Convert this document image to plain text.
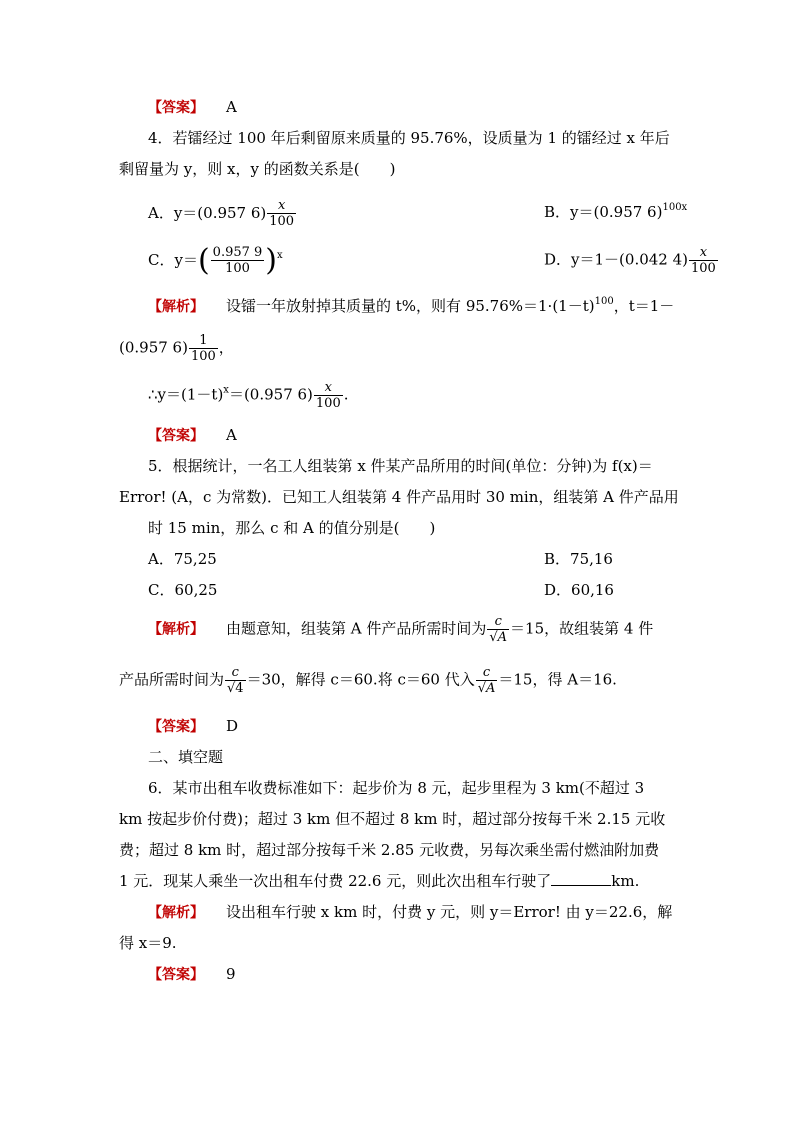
【答案】 A
4．若镭经过 100 年后剩留原来质量的 95.76%，设质量为 1 的镭经过 x 年后
剩留量为 y，则 x，y 的函数关系是(　　)
A．y＝(0.957 $6) \frac{x}{100}$	B．y＝(0.957 6)$^{100x}$
C．$y=( \frac{0.957 9}{100} )^x$	D．y＝1－(0.042 $4) \frac{x}{100}$
【解析】 设镭一年放射掉其质量的 t%，则有 $95.76\%=1\cdot(1-t)^{100}$，t＝1－
(0.957 $6) \frac{1}{100}$ ，
$\therefore y=(1-t)^x=(0.957$ $6) \frac{x}{100}$ .
【答案】 A
5．根据统计，一名工人组装第 x 件某产品所用的时间(单位：分钟)为 f(x)＝
Error! (A，c 为常数)．已知工人组装第 4 件产品用时 30 min，组装第 A 件产品用
时 15 min，那么 c 和 A 的值分别是(　　)
A．75,25	B．75,16
C．60,25	D．60,16
【解析】 由题意知，组装第 A 件产品所需时间为 $\frac{c}{√A} =15$，故组装第 4 件
产品所需时间为 $\frac{c}{√4} =30$，解得 c＝60.将 c＝60 代入 $\frac{c}{√A} =15$，得 A＝16.
【答案】 D
二、填空题
6．某市出租车收费标准如下：起步价为 8 元，起步里程为 3 km(不超过 3
km 按起步价付费)；超过 3 km 但不超过 8 km 时，超过部分按每千米 2.15 元收
费；超过 8 km 时，超过部分按每千米 2.85 元收费，另每次乘坐需付燃油附加费
1 元．现某人乘坐一次出租车付费 22.6 元，则此次出租车行驶了	km.
【解析】 设出租车行驶 x km 时，付费 y 元，则 y＝Error! 由 y＝22.6，解
得 x＝9.
【答案】 9
